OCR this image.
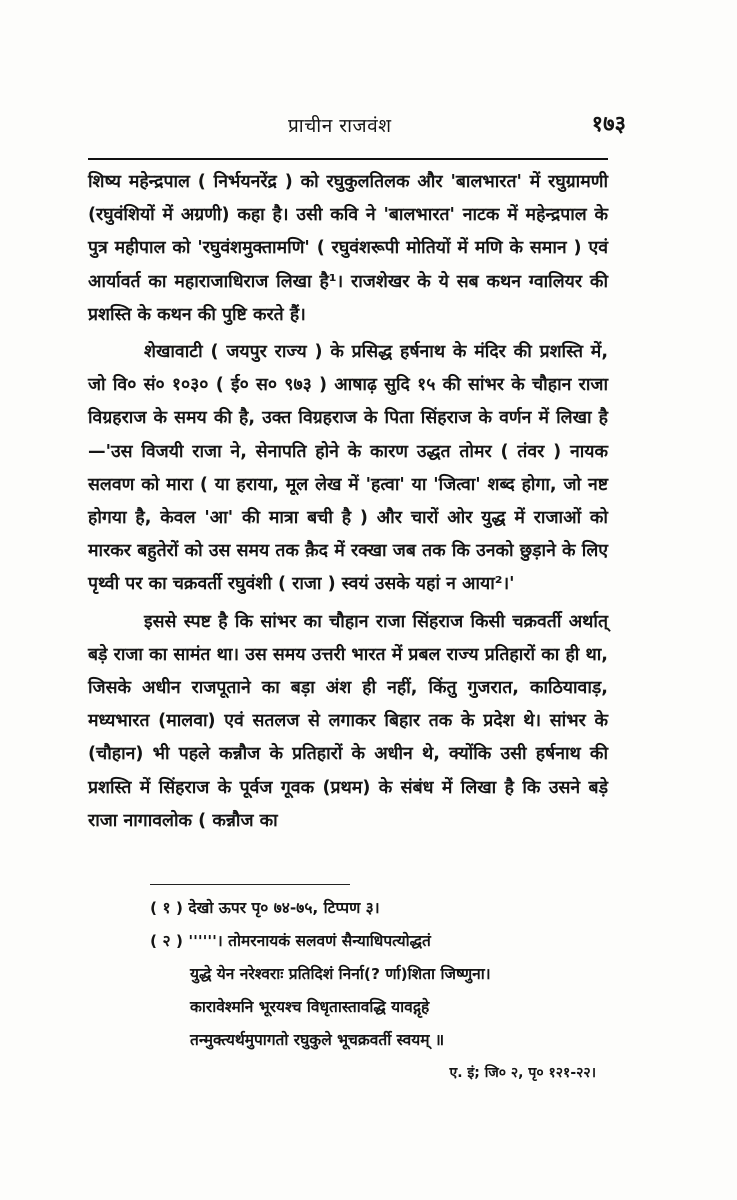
प्राचीन राजवंश	१७३

शिष्य महेन्द्रपाल ( निर्भयनरेंद्र ) को रघुकुलतिलक और 'बालभारत' में रघुग्रामणी (रघुवंशियों में अग्रणी) कहा है। उसी कवि ने 'बालभारत' नाटक में महेन्द्रपाल के पुत्र महीपाल को 'रघुवंशमुक्तामणि' ( रघुवंशरूपी मोतियों में मणि के समान ) एवं आर्यावर्त का महाराजाधिराज लिखा है¹। राजशेखर के ये सब कथन ग्वालियर की प्रशस्ति के कथन की पुष्टि करते हैं।

शेखावाटी ( जयपुर राज्य ) के प्रसिद्ध हर्षनाथ के मंदिर की प्रशस्ति में, जो वि० सं० १०३० ( ई० स० ९७३ ) आषाढ़ सुदि १५ की सांभर के चौहान राजा विग्रहराज के समय की है, उक्त विग्रहराज के पिता सिंहराज के वर्णन में लिखा है—'उस विजयी राजा ने, सेनापति होने के कारण उद्धत तोमर ( तंवर ) नायक सलवण को मारा ( या हराया, मूल लेख में 'हत्वा' या 'जित्वा' शब्द होगा, जो नष्ट होगया है, केवल 'आ' की मात्रा बची है ) और चारों ओर युद्ध में राजाओं को मारकर बहुतेरों को उस समय तक क़ैद में रक्खा जब तक कि उनको छुड़ाने के लिए पृथ्वी पर का चक्रवर्ती रघुवंशी ( राजा ) स्वयं उसके यहां न आया²।'

इससे स्पष्ट है कि सांभर का चौहान राजा सिंहराज किसी चक्रवर्ती अर्थात् बड़े राजा का सामंत था। उस समय उत्तरी भारत में प्रबल राज्य प्रतिहारों का ही था, जिसके अधीन राजपूताने का बड़ा अंश ही नहीं, किंतु गुजरात, काठियावाड़, मध्यभारत (मालवा) एवं सतलज से लगाकर बिहार तक के प्रदेश थे। सांभर के (चौहान) भी पहले कन्नौज के प्रतिहारों के अधीन थे, क्योंकि उसी हर्षनाथ की प्रशस्ति में सिंहराज के पूर्वज गूवक (प्रथम) के संबंध में लिखा है कि उसने बड़े राजा नागावलोक ( कन्नौज का

( १ ) देखो ऊपर पृ० ७४-७५, टिप्पण ३।
( २ ) ''''''। तोमरनायकं सलवणं सैन्याधिपत्योद्धतं
युद्धे येन नरेश्वराः प्रतिदिशं निर्ना(? र्णा)शिता जिष्णुना।
कारावेश्मनि भूरयश्च विधृतास्तावद्धि यावद्गृहे
तन्मुक्त्यर्थमुपागतो रघुकुले भूचक्रवर्ती स्वयम् ॥
ए. इं; जि० २, पृ० १२१-२२।
